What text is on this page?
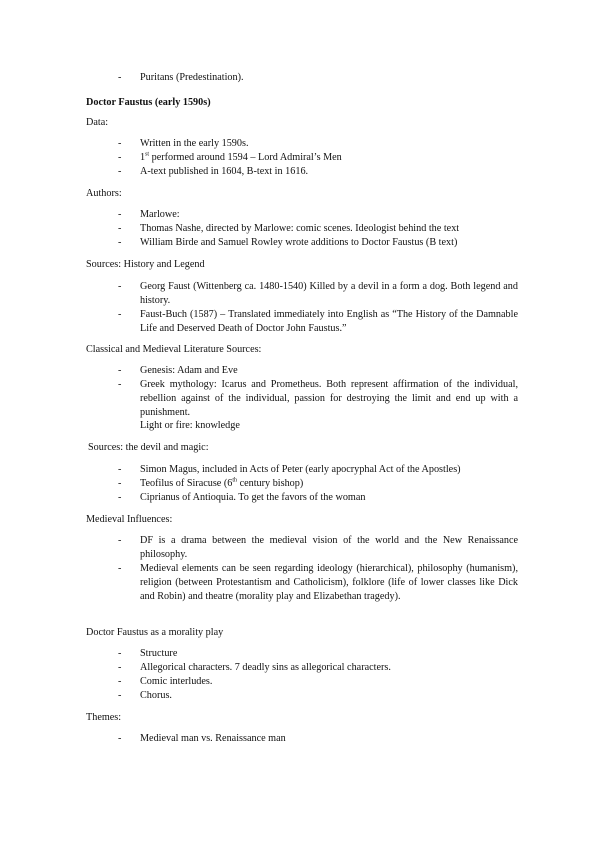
- Puritans (Predestination).
Doctor Faustus (early 1590s)
Data:
- Written in the early 1590s.
- 1st performed around 1594 – Lord Admiral’s Men
- A-text published in 1604, B-text in 1616.
Authors:
- Marlowe:
- Thomas Nashe, directed by Marlowe: comic scenes. Ideologist behind the text
- William Birde and Samuel Rowley wrote additions to Doctor Faustus (B text)
Sources: History and Legend
- Georg Faust (Wittenberg ca. 1480-1540) Killed by a devil in a form a dog. Both legend and history.
- Faust-Buch (1587) – Translated immediately into English as “The History of the Damnable Life and Deserved Death of Doctor John Faustus.”
Classical and Medieval Literature Sources:
- Genesis: Adam and Eve
- Greek mythology: Icarus and Prometheus. Both represent affirmation of the individual, rebellion against of the individual, passion for destroying the limit and end up with a punishment.
Light or fire: knowledge
Sources: the devil and magic:
- Simon Magus, included in Acts of Peter (early apocryphal Act of the Apostles)
- Teofilus of Siracuse (6th century bishop)
- Ciprianus of Antioquia. To get the favors of the woman
Medieval Influences:
- DF is a drama between the medieval vision of the world and the New Renaissance philosophy.
- Medieval elements can be seen regarding ideology (hierarchical), philosophy (humanism), religion (between Protestantism and Catholicism), folklore (life of lower classes like Dick and Robin) and theatre (morality play and Elizabethan tragedy).
Doctor Faustus as a morality play
- Structure
- Allegorical characters. 7 deadly sins as allegorical characters.
- Comic interludes.
- Chorus.
Themes:
- Medieval man vs. Renaissance man
